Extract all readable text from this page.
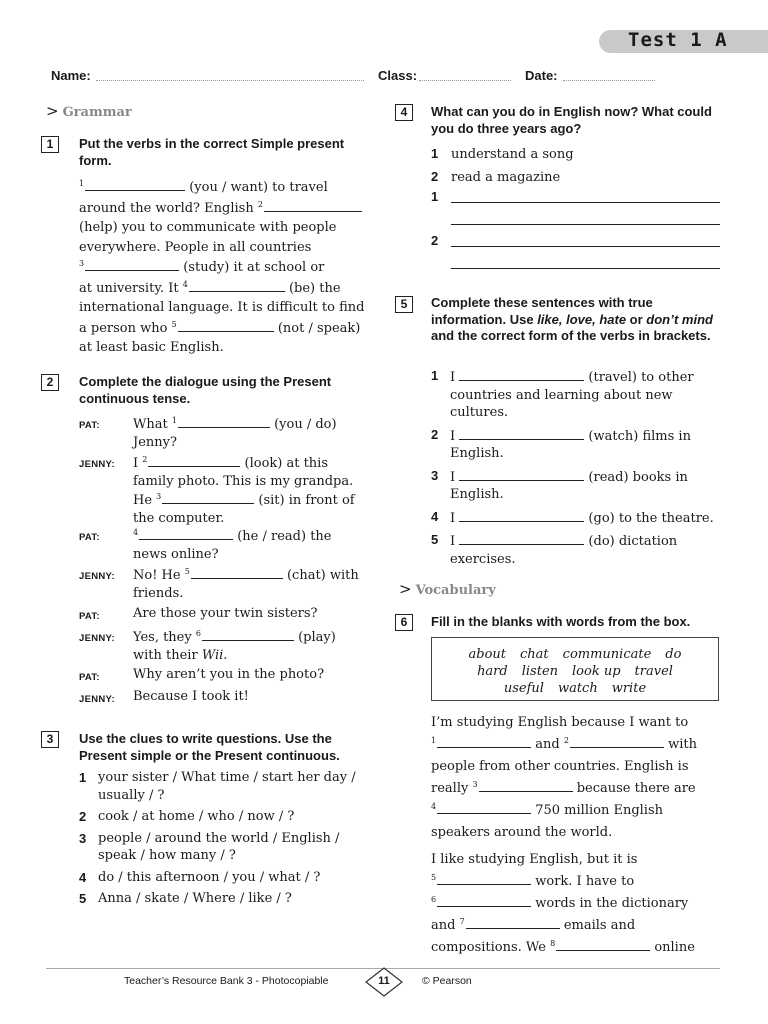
Test 1 A
Name:	Class:	Date:
> Grammar
1	Put the verbs in the correct Simple present form.
$^1$	(you / want) to travel
around the world? English $^2$
(help) you to communicate with people
everywhere. People in all countries
$^3$	(study) it at school or
at university. It $^4$	(be) the
international language. It is difficult to find
a person who $^5$	(not / speak)
at least basic English.
2	Complete the dialogue using the Present continuous tense.
PAT:	What $^1$	(you / do)
Jenny?
JENNY: I $^2$	(look) at this
family photo. This is my grandpa.
He $^3$	(sit) in front of
the computer.
PAT:	$^4$	(he / read) the
news online?
JENNY: No! He $^5$	(chat) with
friends.
PAT:	Are those your twin sisters?
JENNY: Yes, they $^6$	(play)
with their Wii.
PAT:	Why aren’t you in the photo?
JENNY: Because I took it!
3	Use the clues to write questions. Use the Present simple or the Present continuous.
1 your sister / What time / start her day /
usually / ?
2 cook / at home / who / now / ?
3 people / around the world / English /
speak / how many / ?
4 do / this afternoon / you / what / ?
5 Anna / skate / Where / like / ?
4	What can you do in English now? What could you do three years ago?
1 understand a song
2 read a magazine
1
2
5	Complete these sentences with true information. Use like, love, hate or don’t mind and the correct form of the verbs in brackets.
1 I	(travel) to other
countries and learning about new
cultures.
2 I	(watch) films in
English.
3 I	(read) books in
English.
4 I	(go) to the theatre.
5 I	(do) dictation
exercises.
> Vocabulary
6	Fill in the blanks with words from the box.
about chat communicate do
hard listen look up travel
useful watch write
I’m studying English because I want to
$^1$	and $^2$	with
people from other countries. English is
really $^3$	because there are
$^4$	750 million English
speakers around the world.
I like studying English, but it is
$^5$	work. I have to
$^6$	words in the dictionary
and $^7$	emails and
compositions. We $^8$	online
Teacher’s Resource Bank 3 - Photocopiable	11	© Pearson
